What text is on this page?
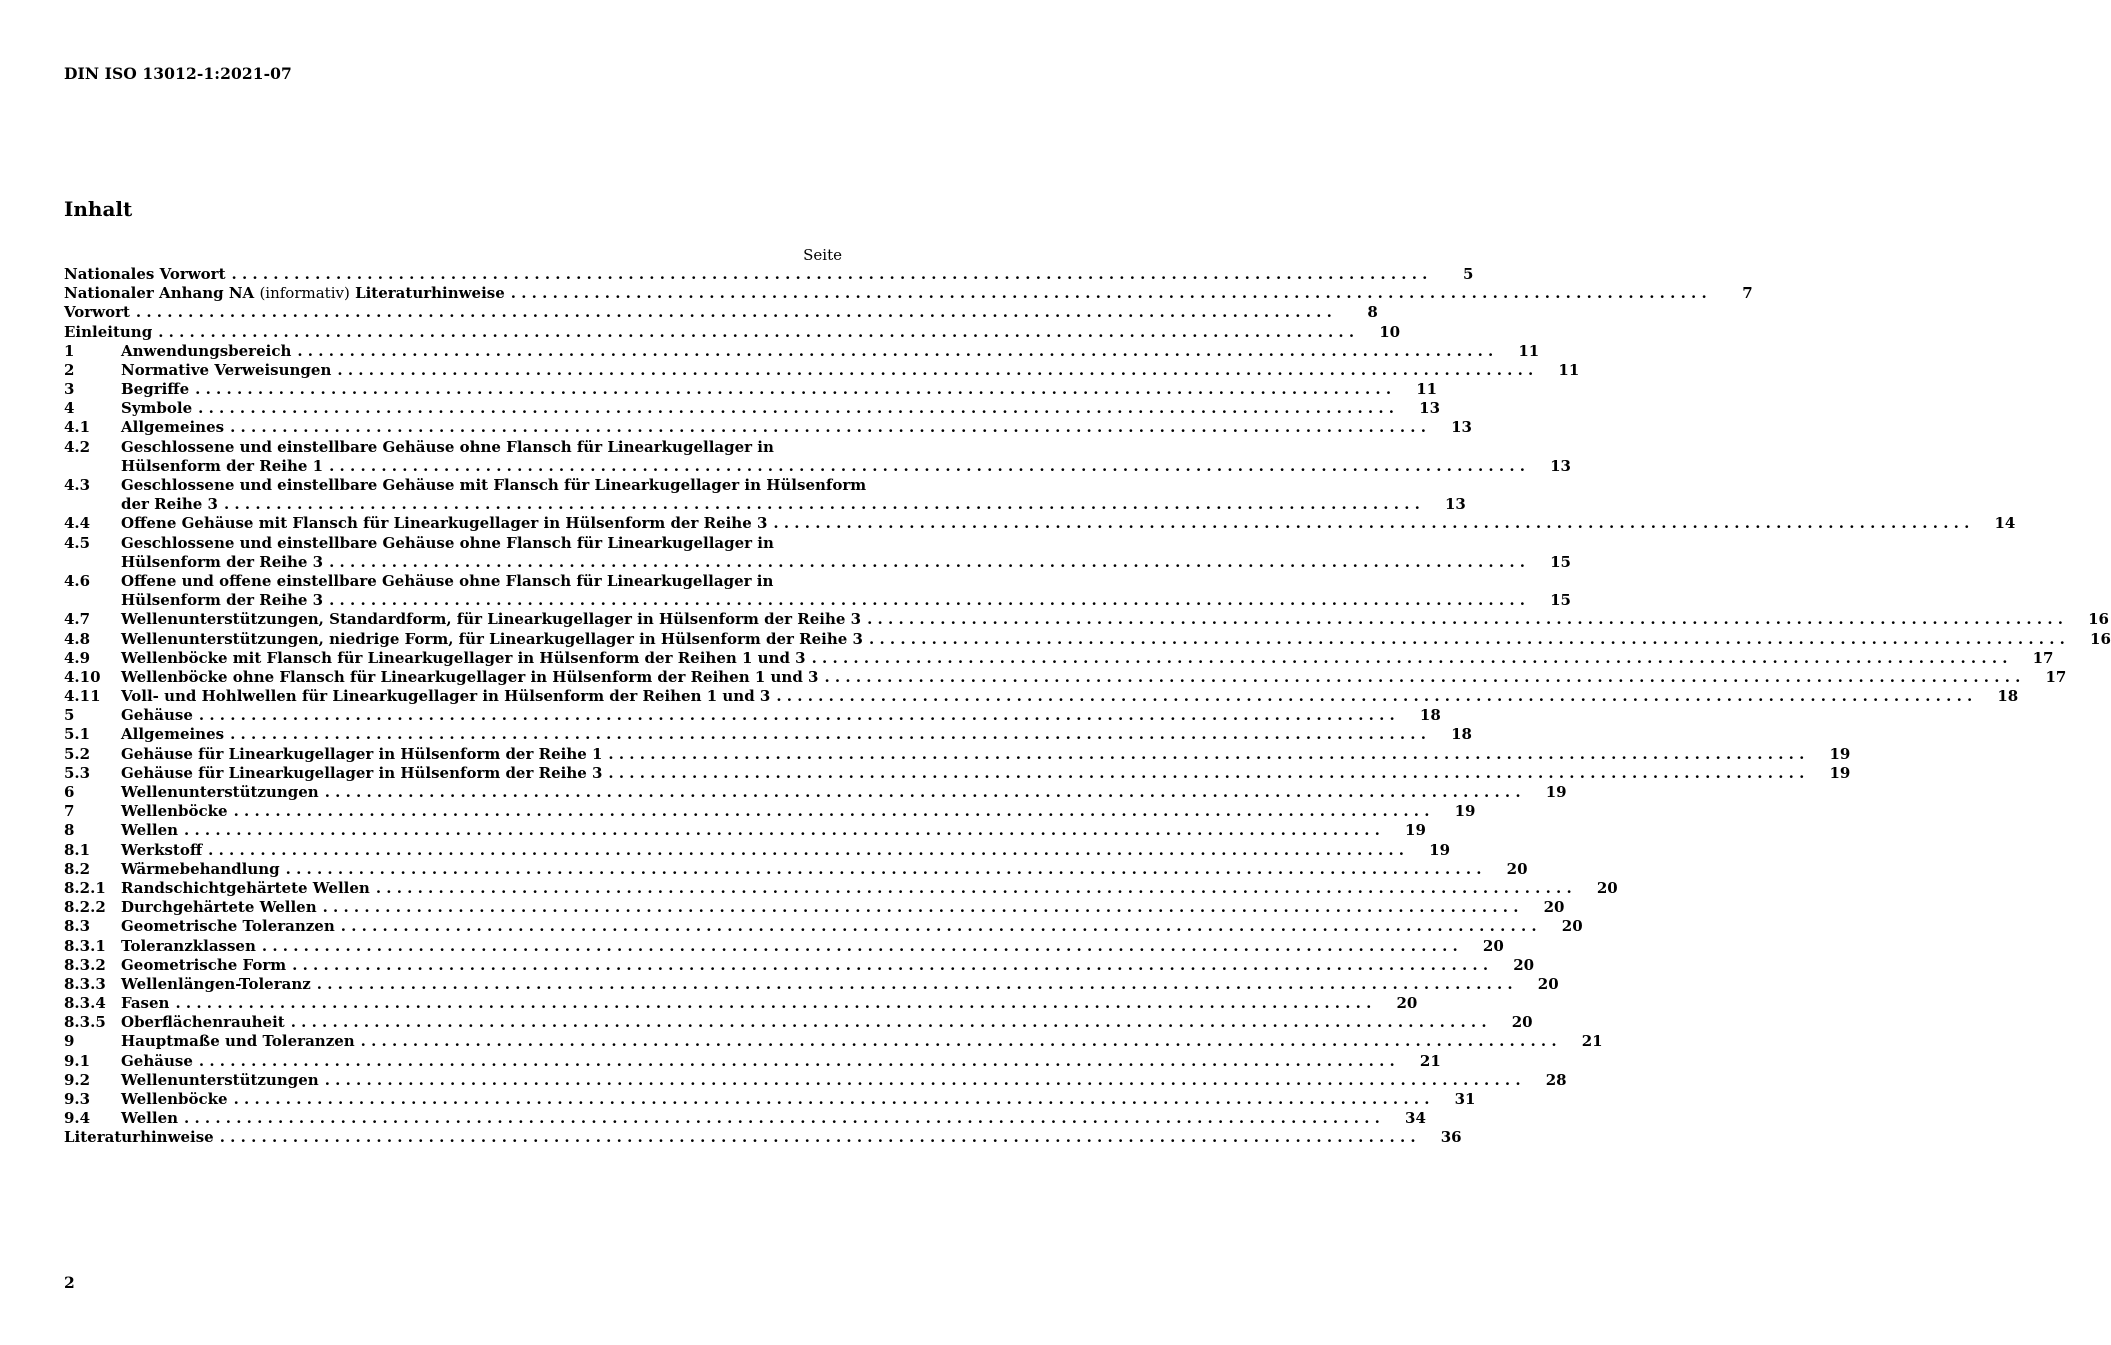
DIN ISO 13012-1:2021-07
Inhalt
Seite
Nationales Vorwort . . .	5
Nationaler Anhang NA (informativ) Literaturhinweise . . .	7
Vorwort . . .	8
Einleitung . . .	10
1	Anwendungsbereich . . .	11
2	Normative Verweisungen . . .	11
3	Begriffe . . .	11
4	Symbole . . .	13
4.1	Allgemeines . . .	13
4.2	Geschlossene und einstellbare Gehäuse ohne Flansch für Linearkugellager in
Hülsenform der Reihe 1 . . .	13
4.3	Geschlossene und einstellbare Gehäuse mit Flansch für Linearkugellager in Hülsenform
der Reihe 3 . . .	13
4.4	Offene Gehäuse mit Flansch für Linearkugellager in Hülsenform der Reihe 3 . . .	14
4.5	Geschlossene und einstellbare Gehäuse ohne Flansch für Linearkugellager in
Hülsenform der Reihe 3 . . .	15
4.6	Offene und offene einstellbare Gehäuse ohne Flansch für Linearkugellager in
Hülsenform der Reihe 3 . . .	15
4.7	Wellenunterstützungen, Standardform, für Linearkugellager in Hülsenform der Reihe 3 . . .	16
4.8	Wellenunterstützungen, niedrige Form, für Linearkugellager in Hülsenform der Reihe 3 . . .	16
4.9	Wellenböcke mit Flansch für Linearkugellager in Hülsenform der Reihen 1 und 3 . . .	17
4.10	Wellenböcke ohne Flansch für Linearkugellager in Hülsenform der Reihen 1 und 3 . . .	17
4.11	Voll- und Hohlwellen für Linearkugellager in Hülsenform der Reihen 1 und 3 . . .	18
5	Gehäuse . . .	18
5.1	Allgemeines . . .	18
5.2	Gehäuse für Linearkugellager in Hülsenform der Reihe 1 . . .	19
5.3	Gehäuse für Linearkugellager in Hülsenform der Reihe 3 . . .	19
6	Wellenunterstützungen . . .	19
7	Wellenböcke . . .	19
8	Wellen . . .	19
8.1	Werkstoff . . .	19
8.2	Wärmebehandlung . . .	20
8.2.1	Randschichtgehärtete Wellen . . .	20
8.2.2	Durchgehärtete Wellen . . .	20
8.3	Geometrische Toleranzen . . .	20
8.3.1	Toleranzklassen . . .	20
8.3.2	Geometrische Form . . .	20
8.3.3	Wellenlängen-Toleranz . . .	20
8.3.4	Fasen . . .	20
8.3.5	Oberflächenrauheit . . .	20
9	Hauptmaße und Toleranzen . . .	21
9.1	Gehäuse . . .	21
9.2	Wellenunterstützungen . . .	28
9.3	Wellenböcke . . .	31
9.4	Wellen . . .	34
Literaturhinweise . . .	36
2
